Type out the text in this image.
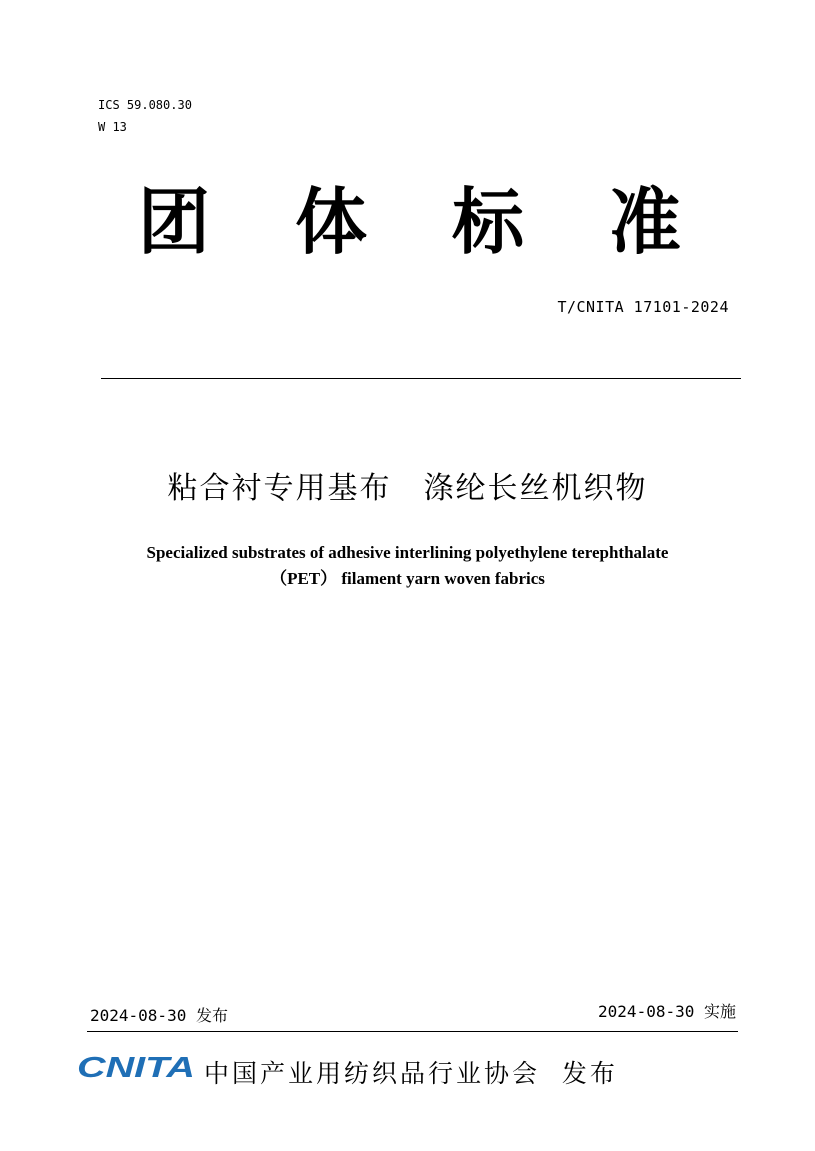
ICS 59.080.30
W 13
团 体 标 准
T/CNITA 17101-2024
粘合衬专用基布　涤纶长丝机织物
Specialized substrates of adhesive interlining polyethylene terephthalate
（PET） filament yarn woven fabrics
2024-08-30 发布	2024-08-30 实施
CNITA 中国产业用纺织品行业协会  发布
